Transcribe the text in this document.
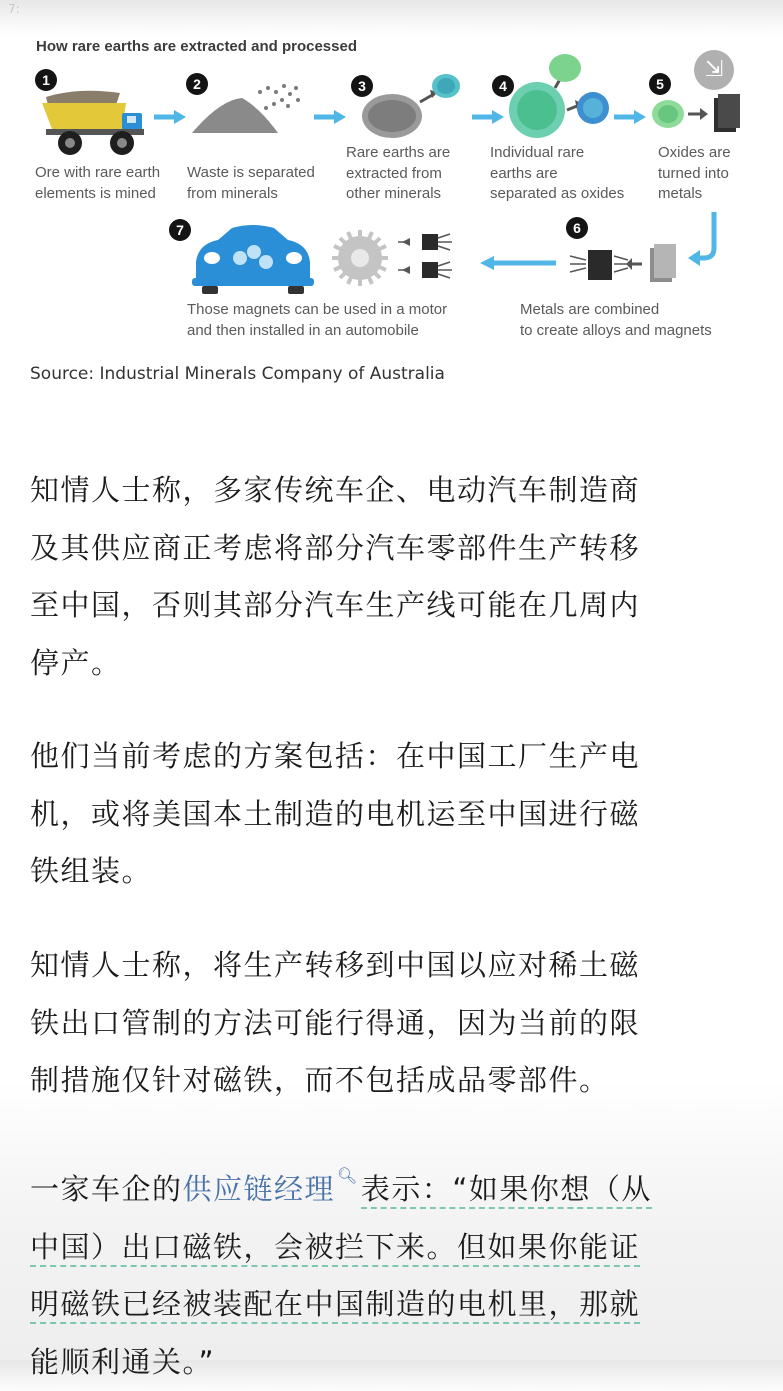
7​:​
How rare earths are extracted and processed
1
Ore with rare earth
elements is mined
2
Waste is separated
from minerals
3
Rare earths are
extracted from
other minerals
4
Individual rare
earths are
separated as oxides
5
⇲
Oxides are
turned into
metals
6
Metals are combined
to create alloys and magnets
7
Those magnets can be used in a motor
and then installed in an automobile
Source: Industrial Minerals Company of Australia
知情人士称，多家传统车企、电动汽车制造商
及其供应商正考虑将部分汽车零部件生产转移
至中国，否则其部分汽车生产线可能在几周内
停产。
他们当前考虑的方案包括：在中国工厂生产电
机，或将美国本土制造的电机运至中国进行磁
铁组装。
知情人士称，将生产转移到中国以应对稀土磁
铁出口管制的方法可能行得通，因为当前的限
制措施仅针对磁铁，而不包括成品零部件。
一家车企的供应链经理 🔍︎表示：“如果你想（从
中国）出口磁铁，会被拦下来。但如果你能证
明磁铁已经被装配在中国制造的电机里，那就
能顺利通关。”
